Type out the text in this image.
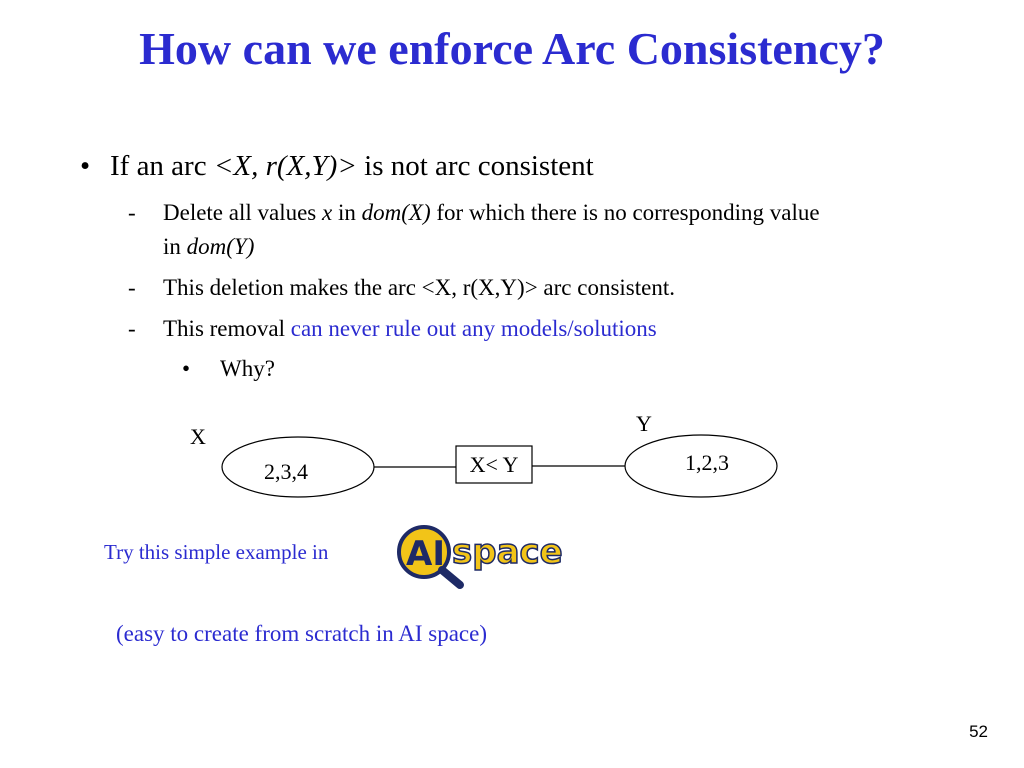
How can we enforce Arc Consistency?
• If an arc <X, r(X,Y)> is not arc consistent
- Delete all values x in dom(X) for which there is no corresponding value
in dom(Y)
- This deletion makes the arc <X, r(X,Y)> arc consistent.
- This removal can never rule out any models/solutions
• Why?
X
2,3,4	X< Y
Y
1,2,3
Try this simple example in AI space
(easy to create from scratch in AI space)
52
